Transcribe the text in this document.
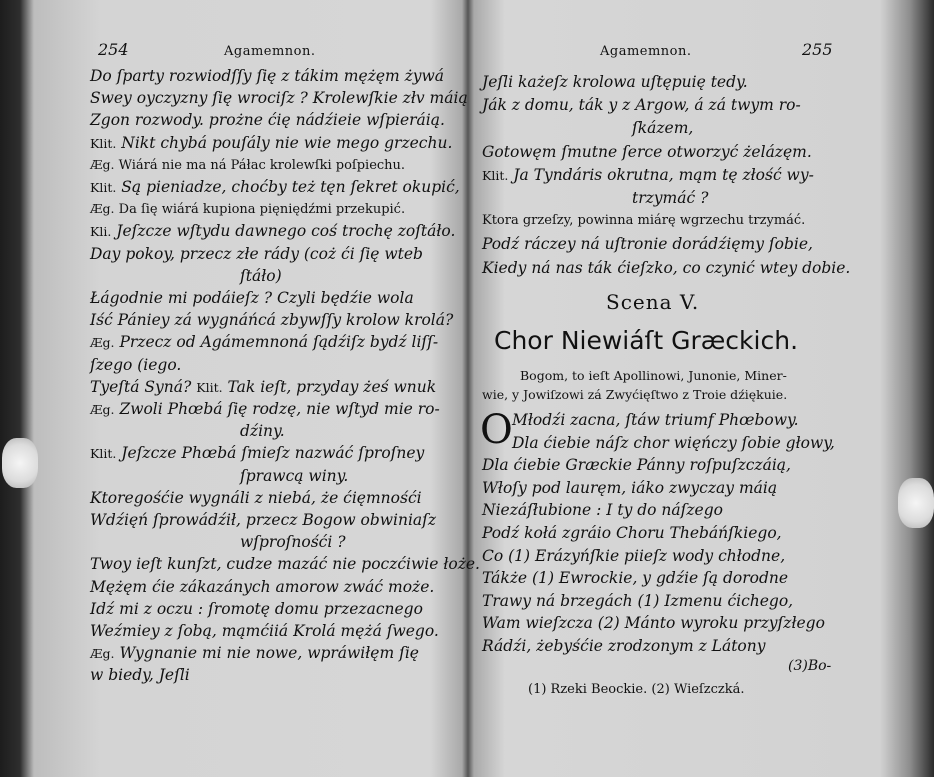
254	Agamemnon.
Do ſparty rozwiodſſy ſię z tákim mężęm żywá
Swey oyczyzny ſię wrociſz ? Krolewſkie złv máią
Zgon rozwody. prożne ćię nádźieie wſpieráią.
Klit. Nikt chybá pouſály nie wie mego grzechu.
Æg. Wiárá nie ma ná Páłac krolewſki poſpiechu.
Klit. Są pieniadze, choćby też tęn ſekret okupić,
Æg. Da ſię wiárá kupiona pięniędźmi przekupić.
Kli. Jeſzcze wſtydu dawnego coś trochę zoſtáło.
Day pokoy, przecz złe rády (coż ći ſię wteb
ſtáło)
Łágodnie mi podáieſz ? Czyli będźie wola
Iść Pániey zá wygnáńcá zbywſſy krolow krolá?
Æg. Przecz od Agámemnoná ſądźiſz bydź liſſ-
ſzego (iego.
Tyeſtá Syná? Klit. Tak ieſt, przyday żeś wnuk
Æg. Zwoli Phœbá ſię rodzę, nie wſtyd mie ro-
dźiny.
Klit. Jeſzcze Phœbá ſmieſz nazwáć ſproſney
ſprawcą winy.
Ktoregośćie wygnáli z niebá, że ćięmnośći
Wdźięń ſprowádźił, przecz Bogow obwiniaſz
wſproſnośći ?
Twoy ieſt kunſzt, cudze mazáć nie poczćiwie łoże.
Mężęm ćie zákazánych amorow zwáć może.
Idź mi z oczu : ſromotę domu przezacnego
Weźmiey z ſobą, mąmćiiá Krolá mężá ſwego.
Æg. Wygnanie mi nie nowe, wpráwiłęm ſię
w biedy, Jeſli
Agamemnon.	255
Jeſli każeſz krolowa uſtępuię tedy.
Ják z domu, ták y z Argow, á zá twym ro-
ſkázem,
Gotowęm ſmutne ſerce otworzyć żelázęm.
Klit. Ja Tyndáris okrutna, mąm tę złość wy-
trzymáć ?
Ktora grzeſzy, powinna miárę wgrzechu trzymáć.
Podź ráczey ná uſtronie dorádźięmy ſobie,
Kiedy ná nas ták ćieſzko, co czynić wtey dobie.
Scena V.
Chor Niewiáſt Græckich.
Bogom, to ieſt Apollinowi, Junonie, Miner-
wie, y Jowiſzowi zá Zwyćięſtwo z Troie dźiękuie.
O Młodźi zacna, ſtáw triumf Phœbowy.
Dla ćiebie náſz chor więńczy ſobie głowy,
Dla ćiebie Græckie Pánny roſpuſzczáią,
Włoſy pod lauręm, iáko zwyczay máią
Niezáſłubione : I ty do náſzego
Podź kołá zgráio Choru Thebáńſkiego,
Co (1) Erázyńſkie piieſz wody chłodne,
Tákże (1) Ewrockie, y gdźie ſą dorodne
Trawy ná brzegách (1) Izmenu ćichego,
Wam wieſzcza (2) Mánto wyroku przyſzłego
Rádźi, żebyśćie zrodzonym z Látony
(3)Bo-
(1) Rzeki Beockie. (2) Wieſzczká.
